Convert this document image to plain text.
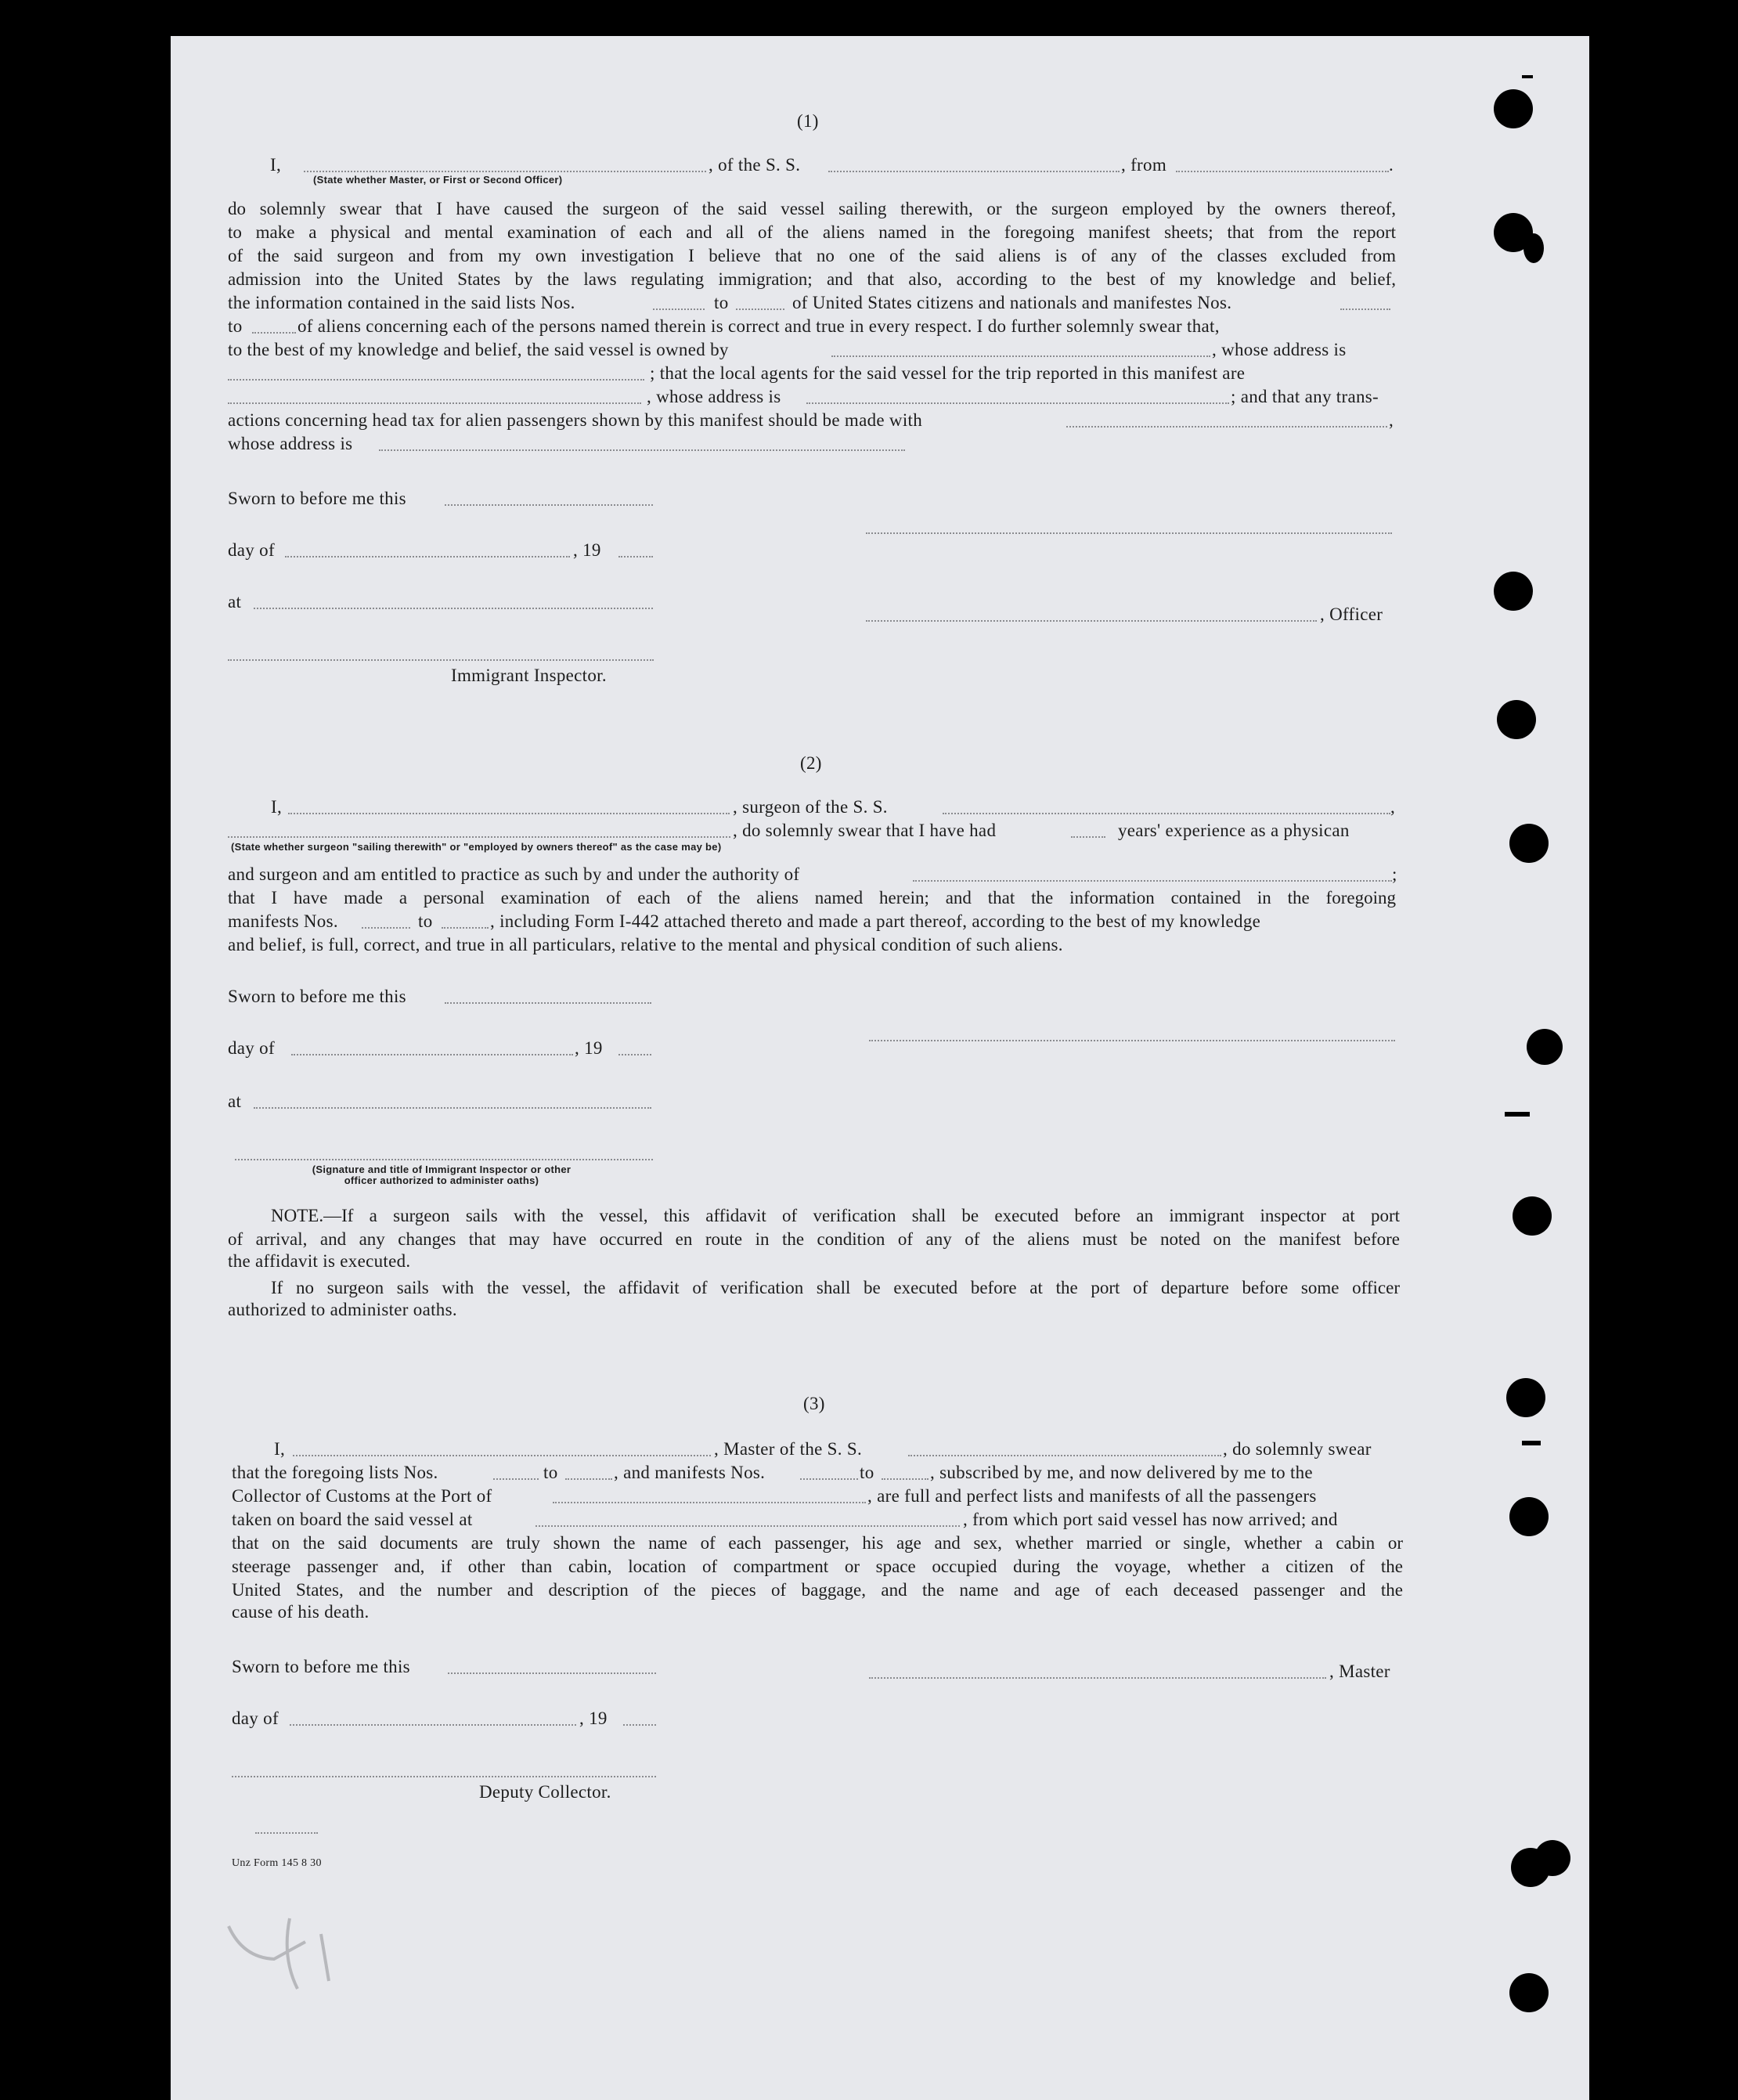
(1)
I,	, of the S. S.	, from	.
(State whether Master, or First or Second Officer)
do solemnly swear that I have caused the surgeon of the said vessel sailing therewith, or the surgeon employed by the owners thereof,
to make a physical and mental examination of each and all of the aliens named in the foregoing manifest sheets; that from the report
of the said surgeon and from my own investigation I believe that no one of the said aliens is of any of the classes excluded from
admission into the United States by the laws regulating immigration; and that also, according to the best of my knowledge and belief,
the information contained in the said lists Nos.	to	of United States citizens and nationals and manifestes Nos.
to	of aliens concerning each of the persons named therein is correct and true in every respect. I do further solemnly swear that,
to the best of my knowledge and belief, the said vessel is owned by	, whose address is
; that the local agents for the said vessel for the trip reported in this manifest are
, whose address is	; and that any trans-
actions concerning head tax for alien passengers shown by this manifest should be made with	,
whose address is
Sworn to before me this
day of	, 19
at
, Officer
Immigrant Inspector.
(2)
I,	, surgeon of the S. S.	,
, do solemnly swear that I have had	years' experience as a physican
(State whether surgeon "sailing therewith" or "employed by owners thereof" as the case may be)
and surgeon and am entitled to practice as such by and under the authority of	;
that I have made a personal examination of each of the aliens named herein; and that the information contained in the foregoing
manifests Nos.	to	, including Form I-442 attached thereto and made a part thereof, according to the best of my knowledge
and belief, is full, correct, and true in all particulars, relative to the mental and physical condition of such aliens.
Sworn to before me this
day of	, 19
at
(Signature and title of Immigrant Inspector or other
officer authorized to administer oaths)
NOTE.—If a surgeon sails with the vessel, this affidavit of verification shall be executed before an immigrant inspector at port
of arrival, and any changes that may have occurred en route in the condition of any of the aliens must be noted on the manifest before
the affidavit is executed.
If no surgeon sails with the vessel, the affidavit of verification shall be executed before at the port of departure before some officer
authorized to administer oaths.
(3)
I,	, Master of the S. S.	, do solemnly swear
that the foregoing lists Nos.	to	, and manifests Nos.	to	, subscribed by me, and now delivered by me to the
Collector of Customs at the Port of	, are full and perfect lists and manifests of all the passengers
taken on board the said vessel at	, from which port said vessel has now arrived; and
that on the said documents are truly shown the name of each passenger, his age and sex, whether married or single, whether a cabin or
steerage passenger and, if other than cabin, location of compartment or space occupied during the voyage, whether a citizen of the
United States, and the number and description of the pieces of baggage, and the name and age of each deceased passenger and the
cause of his death.
Sworn to before me this	, Master
day of	, 19
Deputy Collector.
Unz Form 145 8 30
